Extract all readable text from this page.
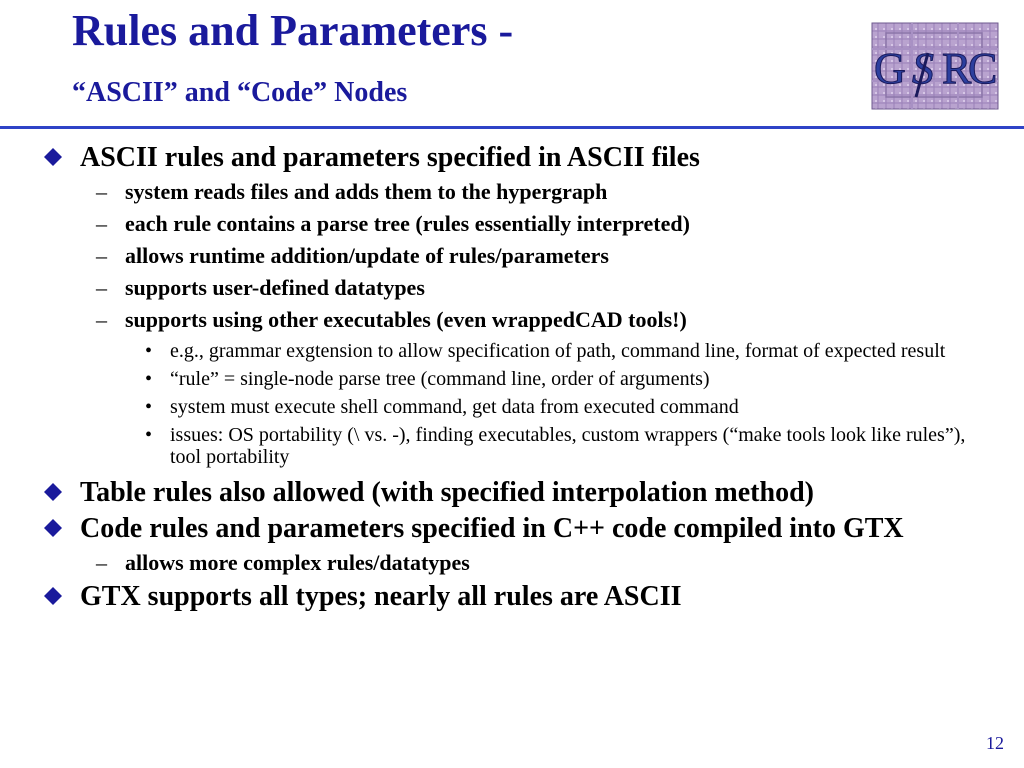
Rules and Parameters -
“ASCII” and “Code” Nodes	G S R
C
ASCII rules and parameters specified in ASCII files
– system reads files and adds them to the hypergraph
– each rule contains a parse tree (rules essentially interpreted)
– allows runtime addition/update of rules/parameters
– supports user-defined datatypes
– supports using other executables (even wrappedCAD tools!)
• e.g., grammar exgtension to allow specification of path, command line, format of expected result
• “rule” = single-node parse tree (command line, order of arguments)
• system must execute shell command, get data from executed command
• issues: OS portability (\ vs. -), finding executables, custom wrappers (“make tools look like rules”), tool portability
Table rules also allowed (with specified interpolation method)
Code rules and parameters specified in C++ code compiled into GTX
– allows more complex rules/datatypes
GTX supports all types; nearly all rules are ASCII
12
